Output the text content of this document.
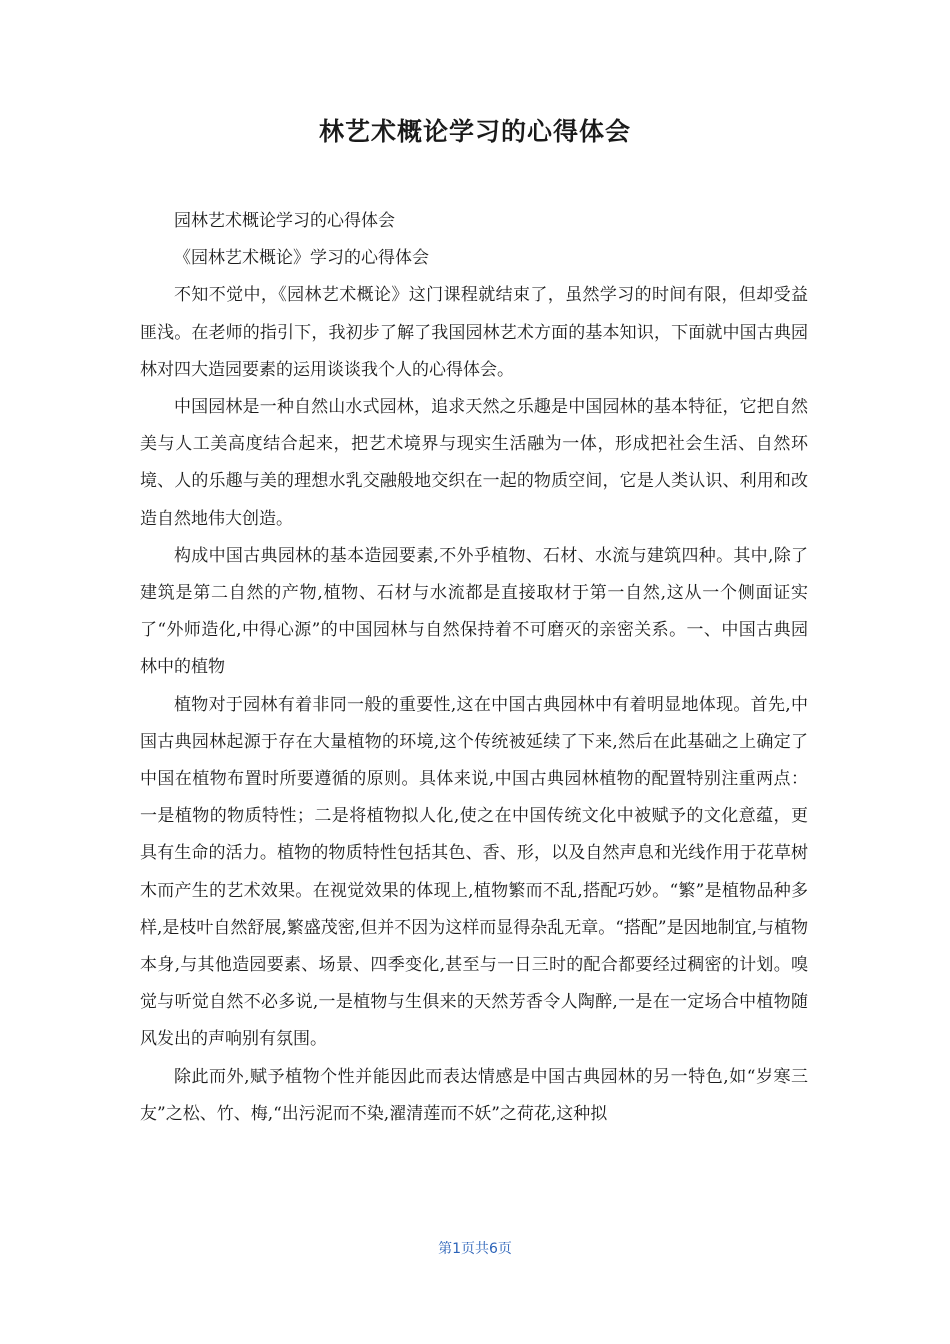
林艺术概论学习的心得体会

园林艺术概论学习的心得体会

《园林艺术概论》学习的心得体会

不知不觉中，《园林艺术概论》这门课程就结束了，虽然学习的时间有限，但却受益匪浅。在老师的指引下，我初步了解了我国园林艺术方面的基本知识，下面就中国古典园林对四大造园要素的运用谈谈我个人的心得体会。

中国园林是一种自然山水式园林，追求天然之乐趣是中国园林的基本特征，它把自然美与人工美高度结合起来，把艺术境界与现实生活融为一体，形成把社会生活、自然环境、人的乐趣与美的理想水乳交融般地交织在一起的物质空间，它是人类认识、利用和改造自然地伟大创造。

构成中国古典园林的基本造园要素,不外乎植物、石材、水流与建筑四种。其中,除了建筑是第二自然的产物,植物、石材与水流都是直接取材于第一自然,这从一个侧面证实了“外师造化,中得心源”的中国园林与自然保持着不可磨灭的亲密关系。一、中国古典园林中的植物

植物对于园林有着非同一般的重要性,这在中国古典园林中有着明显地体现。首先,中国古典园林起源于存在大量植物的环境,这个传统被延续了下来,然后在此基础之上确定了中国在植物布置时所要遵循的原则。具体来说,中国古典园林植物的配置特别注重两点：一是植物的物质特性；二是将植物拟人化,使之在中国传统文化中被赋予的文化意蕴，更具有生命的活力。植物的物质特性包括其色、香、形，以及自然声息和光线作用于花草树木而产生的艺术效果。在视觉效果的体现上,植物繁而不乱,搭配巧妙。“繁”是植物品种多样,是枝叶自然舒展,繁盛茂密,但并不因为这样而显得杂乱无章。“搭配”是因地制宜,与植物本身,与其他造园要素、场景、四季变化,甚至与一日三时的配合都要经过稠密的计划。嗅觉与听觉自然不必多说,一是植物与生俱来的天然芳香令人陶醉,一是在一定场合中植物随风发出的声响别有氛围。

除此而外,赋予植物个性并能因此而表达情感是中国古典园林的另一特色,如“岁寒三友”之松、竹、梅,“出污泥而不染,濯清莲而不妖”之荷花,这种拟

第1页共6页
